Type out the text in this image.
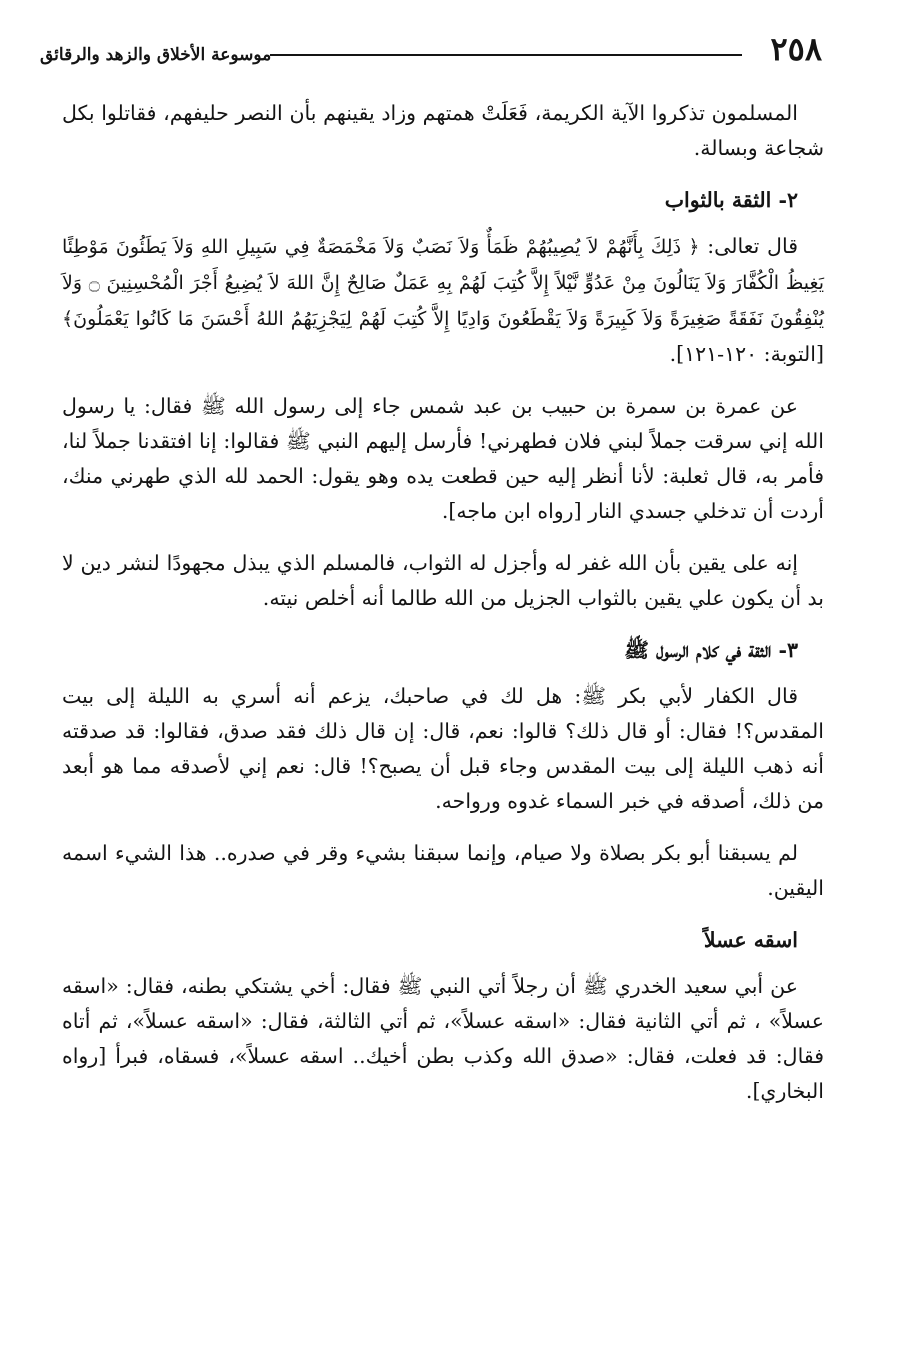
٢٥٨
موسوعة الأخلاق والزهد والرقائق

المسلمون تذكروا الآية الكريمة، فَعَلَتْ همتهم وزاد يقينهم بأن النصر حليفهم، فقاتلوا بكل شجاعة وبسالة.

٢- الثقة بالثواب

قال تعالى: ﴿ ذَلِكَ بِأَنَّهُمْ لاَ يُصِيبُهُمْ ظَمَأٌ وَلاَ نَصَبٌ وَلاَ مَخْمَصَةٌ فِي سَبِيلِ اللهِ وَلاَ يَطَئُونَ مَوْطِئًا يَغِيظُ الْكُفَّارَ وَلاَ يَنَالُونَ مِنْ عَدُوٍّ نَّيْلاً إِلاَّ كُتِبَ لَهُمْ بِهِ عَمَلٌ صَالِحٌ إِنَّ اللهَ لاَ يُضِيعُ أَجْرَ الْمُحْسِنِينَ ۝ وَلاَ يُنْفِقُونَ نَفَقَةً صَغِيرَةً وَلاَ كَبِيرَةً وَلاَ يَقْطَعُونَ وَادِيًا إِلاَّ كُتِبَ لَهُمْ لِيَجْزِيَهُمُ اللهُ أَحْسَنَ مَا كَانُوا يَعْمَلُونَ﴾ [التوبة: ١٢٠-١٢١].

عن عمرة بن سمرة بن حبيب بن عبد شمس جاء إلى رسول الله ﷺ فقال: يا رسول الله إني سرقت جملاً لبني فلان فطهرني! فأرسل إليهم النبي ﷺ فقالوا: إنا افتقدنا جملاً لنا، فأمر به، قال ثعلبة: لأنا أنظر إليه حين قطعت يده وهو يقول: الحمد لله الذي طهرني منك، أردت أن تدخلي جسدي النار [رواه ابن ماجه].

إنه على يقين بأن الله غفر له وأجزل له الثواب، فالمسلم الذي يبذل مجهودًا لنشر دين لا بد أن يكون علي يقين بالثواب الجزيل من الله طالما أنه أخلص نيته.

٣- الثقة في كلام الرسول ﷺ

قال الكفار لأبي بكر ﷺ: هل لك في صاحبك، يزعم أنه أسري به الليلة إلى بيت المقدس؟! فقال: أو قال ذلك؟ قالوا: نعم، قال: إن قال ذلك فقد صدق، فقالوا: قد صدقته أنه ذهب الليلة إلى بيت المقدس وجاء قبل أن يصبح؟! قال: نعم إني لأصدقه مما هو أبعد من ذلك، أصدقه في خبر السماء غدوه ورواحه.

لم يسبقنا أبو بكر بصلاة ولا صيام، وإنما سبقنا بشيء وقر في صدره.. هذا الشيء اسمه اليقين.

اسقه عسلاً

عن أبي سعيد الخدري ﷺ أن رجلاً أتي النبي ﷺ فقال: أخي يشتكي بطنه، فقال: «اسقه عسلاً» ، ثم أتي الثانية فقال: «اسقه عسلاً»، ثم أتي الثالثة، فقال: «اسقه عسلاً»، ثم أتاه فقال: قد فعلت، فقال: «صدق الله وكذب بطن أخيك.. اسقه عسلاً»، فسقاه، فبرأ [رواه البخاري].
